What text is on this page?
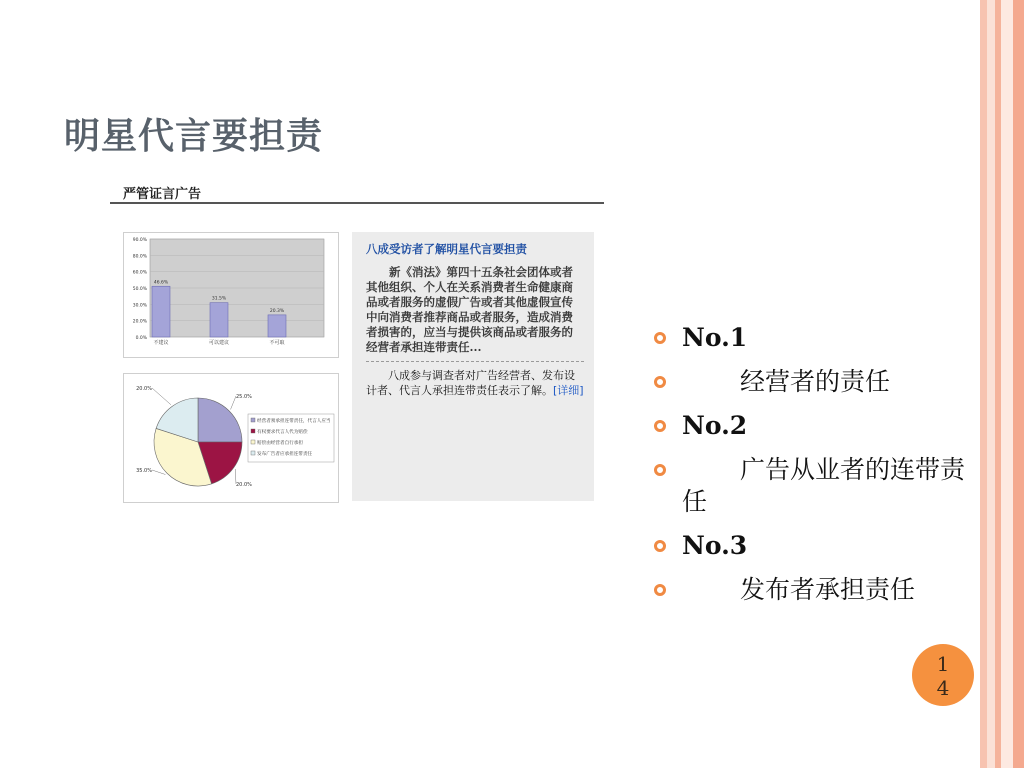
明星代言要担责
严管证言广告
0.0%
20.0%
30.0%
50.0%
60.0%
80.0%
90.0%
46.6%
不建议
31.5%
可以建议
20.3%
不可取
25.0%
20.0%
35.0%
20.0%
经营者须承担连带责任，代言人应当
有权要求代言人代为赔偿
赔偿由经营者自行承担
发布广告者应承担连带责任
八成受访者了解明星代言要担责
新《消法》第四十五条社会团体或者其他组织、个人在关系消费者生命健康商品或者服务的虚假广告或者其他虚假宣传中向消费者推荐商品或者服务，造成消费者损害的，应当与提供该商品或者服务的经营者承担连带责任...
八成参与调查者对广告经营者、发布设计者、代言人承担连带责任表示了解。[详细]
No.1
经营者的责任
No.2
广告从业者的连带责任
No.3
发布者承担责任
1
4
